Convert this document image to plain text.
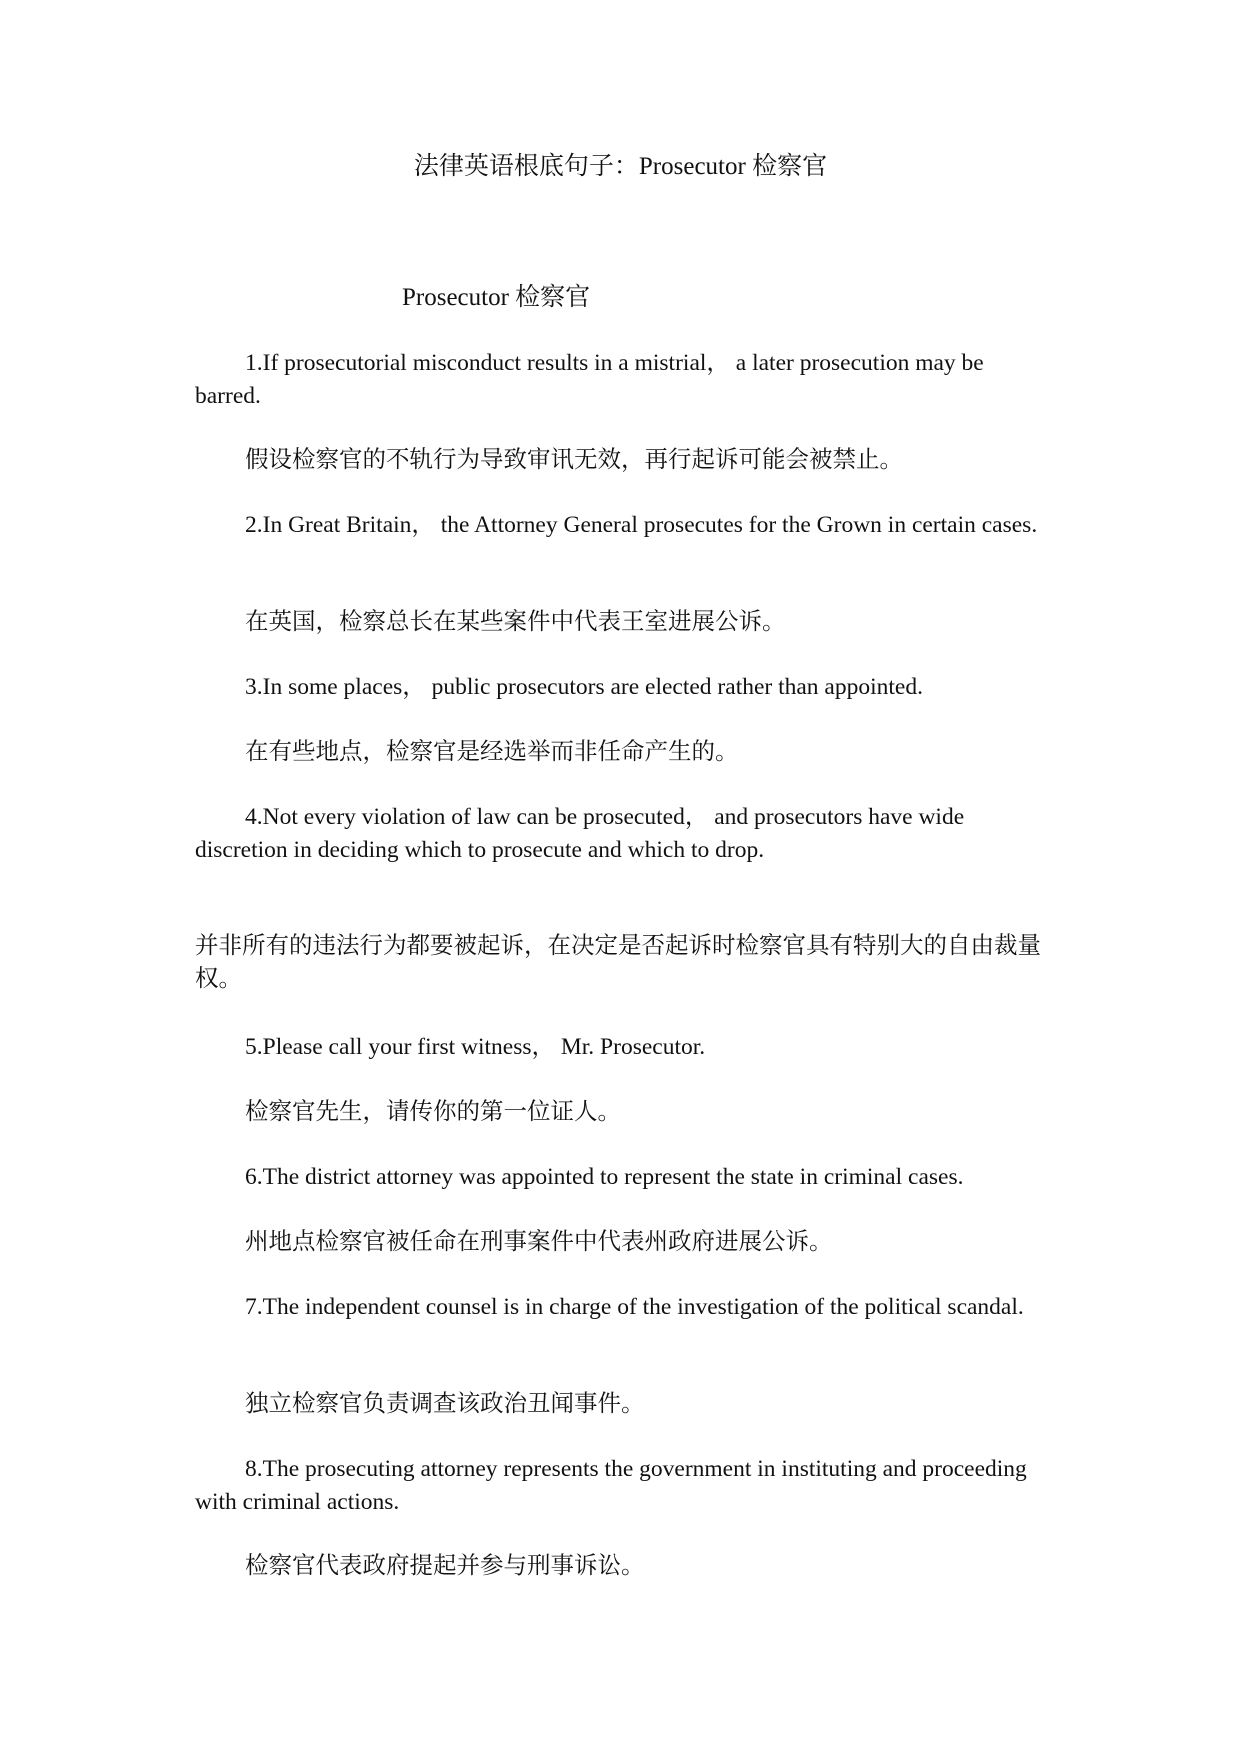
法律英语根底句子：Prosecutor 检察官
Prosecutor 检察官

1.If prosecutorial misconduct results in a mistrial， a later prosecution may be barred.

假设检察官的不轨行为导致审讯无效，再行起诉可能会被禁止。

2.In Great Britain， the Attorney General prosecutes for the Grown in certain cases.

在英国，检察总长在某些案件中代表王室进展公诉。

3.In some places， public prosecutors are elected rather than appointed.

在有些地点，检察官是经选举而非任命产生的。

4.Not every violation of law can be prosecuted， and prosecutors have wide discretion in deciding which to prosecute and which to drop.

并非所有的违法行为都要被起诉，在决定是否起诉时检察官具有特别大的自由裁量权。

5.Please call your first witness， Mr. Prosecutor.

检察官先生，请传你的第一位证人。

6.The district attorney was appointed to represent the state in criminal cases.

州地点检察官被任命在刑事案件中代表州政府进展公诉。

7.The independent counsel is in charge of the investigation of the political scandal.

独立检察官负责调查该政治丑闻事件。

8.The prosecuting attorney represents the government in instituting and proceeding with criminal actions.

检察官代表政府提起并参与刑事诉讼。
